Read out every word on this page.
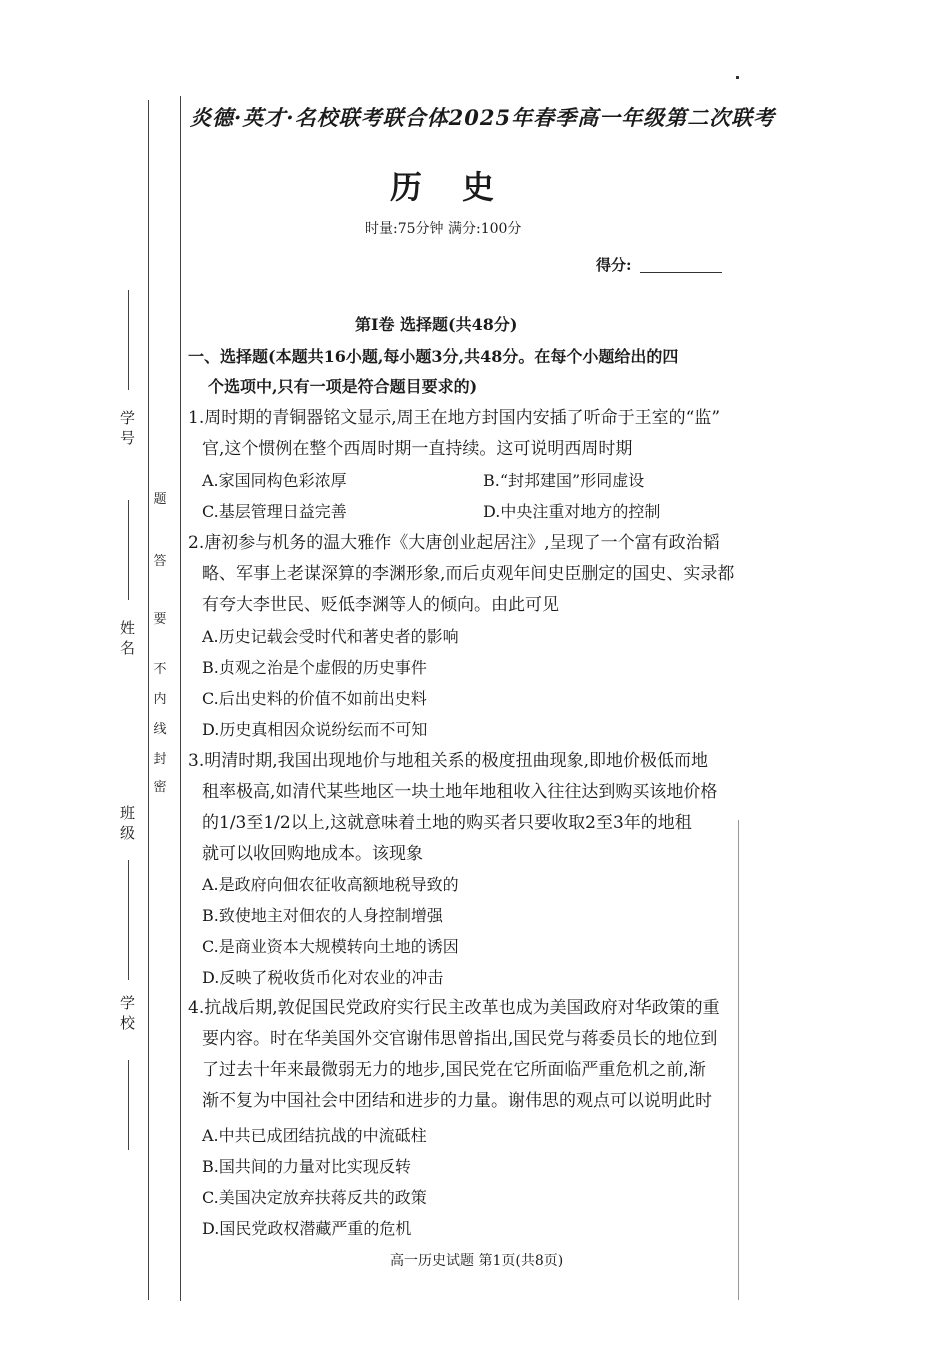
学 号
姓 名
班 级
学 校
密
封
线
内
不
要
答
题
炎德·英才·名校联考联合体2025年春季高一年级第二次联考
历史
时量:75分钟 满分:100分
得分:
第Ⅰ卷 选择题(共48分)
一、选择题(本题共16小题,每小题3分,共48分。在每个小题给出的四
个选项中,只有一项是符合题目要求的)
1.周时期的青铜器铭文显示,周王在地方封国内安插了听命于王室的“监”
官,这个惯例在整个西周时期一直持续。这可说明西周时期
A.家国同构色彩浓厚	B.“封邦建国”形同虚设
C.基层管理日益完善	D.中央注重对地方的控制
2.唐初参与机务的温大雅作《大唐创业起居注》,呈现了一个富有政治韬
略、军事上老谋深算的李渊形象,而后贞观年间史臣删定的国史、实录都
有夸大李世民、贬低李渊等人的倾向。由此可见
A.历史记载会受时代和著史者的影响
B.贞观之治是个虚假的历史事件
C.后出史料的价值不如前出史料
D.历史真相因众说纷纭而不可知
3.明清时期,我国出现地价与地租关系的极度扭曲现象,即地价极低而地
租率极高,如清代某些地区一块土地年地租收入往往达到购买该地价格
的1/3至1/2以上,这就意味着土地的购买者只要收取2至3年的地租
就可以收回购地成本。该现象
A.是政府向佃农征收高额地税导致的
B.致使地主对佃农的人身控制增强
C.是商业资本大规模转向土地的诱因
D.反映了税收货币化对农业的冲击
4.抗战后期,敦促国民党政府实行民主改革也成为美国政府对华政策的重
要内容。时在华美国外交官谢伟思曾指出,国民党与蒋委员长的地位到
了过去十年来最微弱无力的地步,国民党在它所面临严重危机之前,渐
渐不复为中国社会中团结和进步的力量。谢伟思的观点可以说明此时
A.中共已成团结抗战的中流砥柱
B.国共间的力量对比实现反转
C.美国决定放弃扶蒋反共的政策
D.国民党政权潜藏严重的危机
高一历史试题 第1页(共8页)
